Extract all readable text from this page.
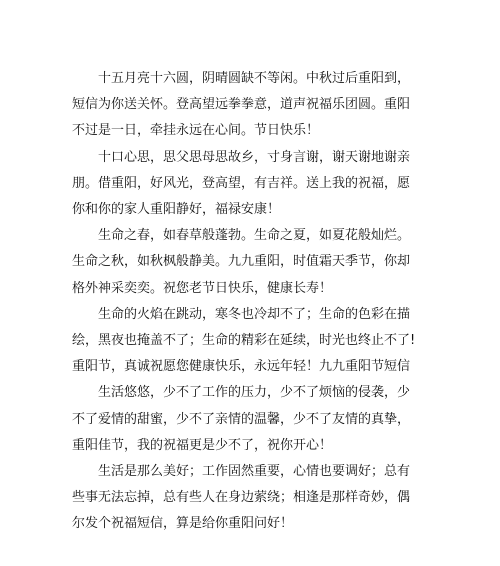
十五月亮十六圆，阴晴圆缺不等闲。中秋过后重阳到，
短信为你送关怀。登高望远拳拳意，道声祝福乐团圆。重阳
不过是一日，牵挂永远在心间。节日快乐！

十口心思，思父思母思故乡，寸身言谢，谢天谢地谢亲
朋。借重阳，好风光，登高望，有吉祥。送上我的祝福，愿
你和你的家人重阳静好，福禄安康！

生命之春，如春草般蓬勃。生命之夏，如夏花般灿烂。
生命之秋，如秋枫般静美。九九重阳，时值霜天季节，你却
格外神采奕奕。祝您老节日快乐，健康长寿！

生命的火焰在跳动，寒冬也冷却不了；生命的色彩在描
绘，黑夜也掩盖不了；生命的精彩在延续，时光也终止不了!
重阳节，真诚祝愿您健康快乐，永远年轻！九九重阳节短信

生活悠悠，少不了工作的压力，少不了烦恼的侵袭，少
不了爱情的甜蜜，少不了亲情的温馨，少不了友情的真挚，
重阳佳节，我的祝福更是少不了，祝你开心！

生活是那么美好；工作固然重要，心情也要调好；总有
些事无法忘掉，总有些人在身边萦绕；相逢是那样奇妙，偶
尔发个祝福短信，算是给你重阳问好！
